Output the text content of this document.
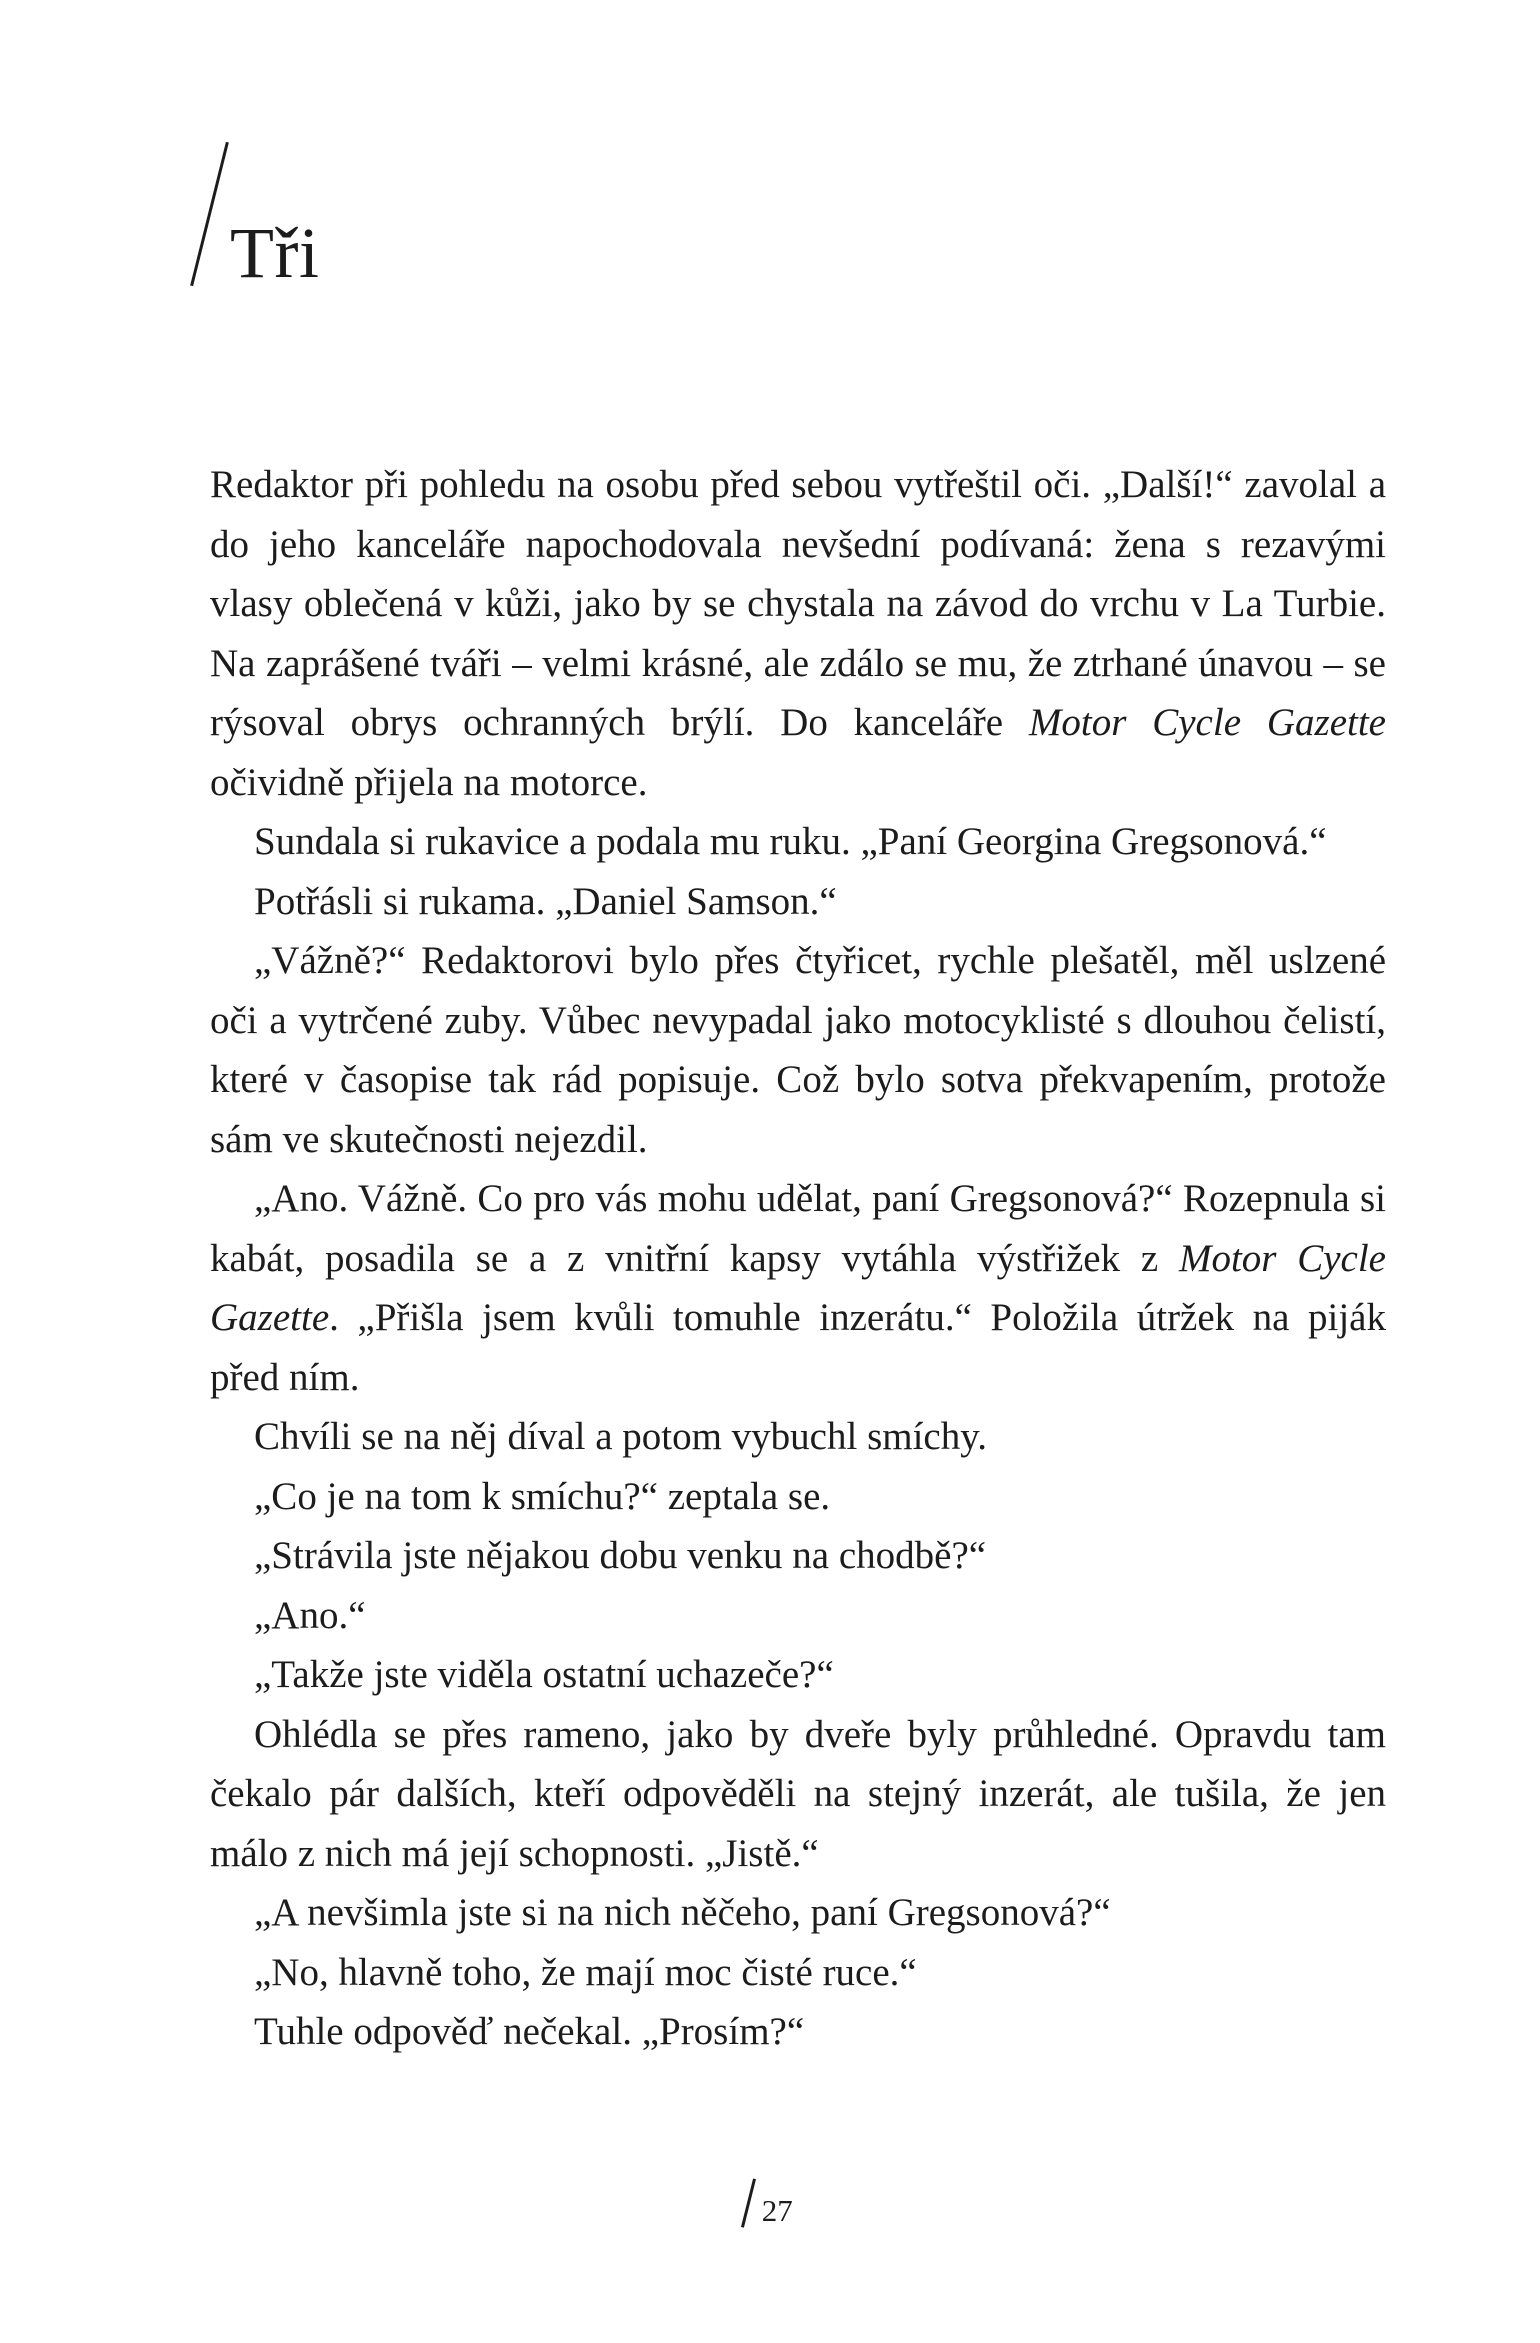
Tři

Redaktor při pohledu na osobu před sebou vytřeštil oči. „Další!“ zavolal a do jeho kanceláře napochodovala nevšední podívaná: žena s rezavými vlasy oblečená v kůži, jako by se chystala na závod do vrchu v La Turbie. Na zaprášené tváři – velmi krásné, ale zdálo se mu, že ztrhané únavou – se rýsoval obrys ochranných brýlí. Do kanceláře Motor Cycle Gazette očividně přijela na motorce.

Sundala si rukavice a podala mu ruku. „Paní Georgina Gregsonová.“

Potřásli si rukama. „Daniel Samson.“

„Vážně?“ Redaktorovi bylo přes čtyřicet, rychle plešatěl, měl uslzené oči a vytrčené zuby. Vůbec nevypadal jako motocyklisté s dlouhou čelistí, které v časopise tak rád popisuje. Což bylo sotva překvapením, protože sám ve skutečnosti nejezdil.

„Ano. Vážně. Co pro vás mohu udělat, paní Gregsonová?“ Rozepnula si kabát, posadila se a z vnitřní kapsy vytáhla výstřižek z Motor Cycle Gazette. „Přišla jsem kvůli tomuhle inzerátu.“ Položila útržek na piják před ním.

Chvíli se na něj díval a potom vybuchl smíchy.

„Co je na tom k smíchu?“ zeptala se.

„Strávila jste nějakou dobu venku na chodbě?“

„Ano.“

„Takže jste viděla ostatní uchazeče?“

Ohlédla se přes rameno, jako by dveře byly průhledné. Opravdu tam čekalo pár dalších, kteří odpověděli na stejný inzerát, ale tušila, že jen málo z nich má její schopnosti. „Jistě.“

„A nevšimla jste si na nich něčeho, paní Gregsonová?“

„No, hlavně toho, že mají moc čisté ruce.“

Tuhle odpověď nečekal. „Prosím?“

27
